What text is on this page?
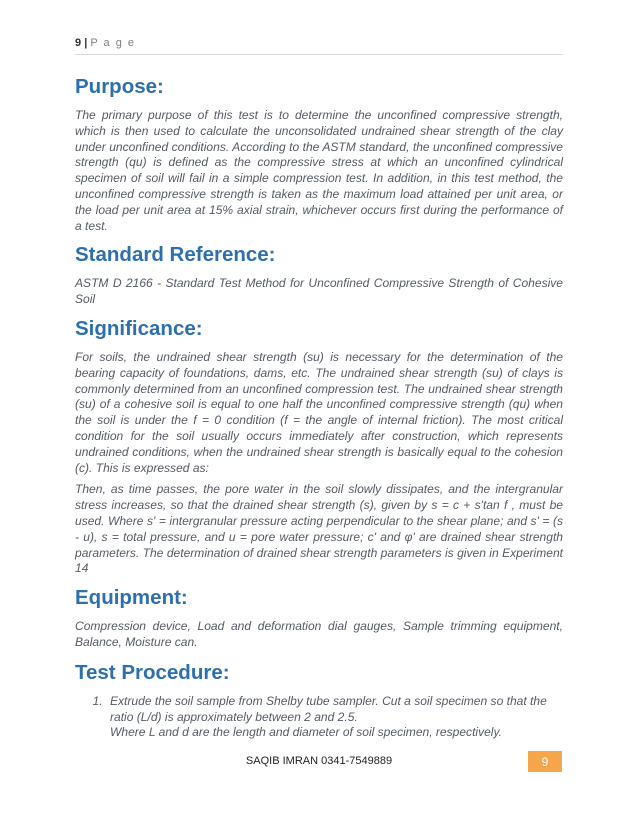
9 | P a g e
Purpose:

The primary purpose of this test is to determine the unconfined compressive strength, which is then used to calculate the unconsolidated undrained shear strength of the clay under unconfined conditions. According to the ASTM standard, the unconfined compressive strength (qu) is defined as the compressive stress at which an unconfined cylindrical specimen of soil will fail in a simple compression test. In addition, in this test method, the unconfined compressive strength is taken as the maximum load attained per unit area, or the load per unit area at 15% axial strain, whichever occurs first during the performance of a test.

Standard Reference:

ASTM D 2166 - Standard Test Method for Unconfined Compressive Strength of Cohesive Soil

Significance:

For soils, the undrained shear strength (su) is necessary for the determination of the bearing capacity of foundations, dams, etc. The undrained shear strength (su) of clays is commonly determined from an unconfined compression test. The undrained shear strength (su) of a cohesive soil is equal to one half the unconfined compressive strength (qu) when the soil is under the f = 0 condition (f = the angle of internal friction). The most critical condition for the soil usually occurs immediately after construction, which represents undrained conditions, when the undrained shear strength is basically equal to the cohesion (c). This is expressed as:

Then, as time passes, the pore water in the soil slowly dissipates, and the intergranular stress increases, so that the drained shear strength (s), given by s = c + s'tan f , must be used. Where s' = intergranular pressure acting perpendicular to the shear plane; and s' = (s - u), s = total pressure, and u = pore water pressure; c' and φ' are drained shear strength parameters. The determination of drained shear strength parameters is given in Experiment 14

Equipment:

Compression device, Load and deformation dial gauges, Sample trimming equipment, Balance, Moisture can.

Test Procedure:
1. Extrude the soil sample from Shelby tube sampler. Cut a soil specimen so that the ratio (L/d) is approximately between 2 and 2.5.
Where L and d are the length and diameter of soil specimen, respectively.
SAQIB IMRAN 0341-7549889	9
